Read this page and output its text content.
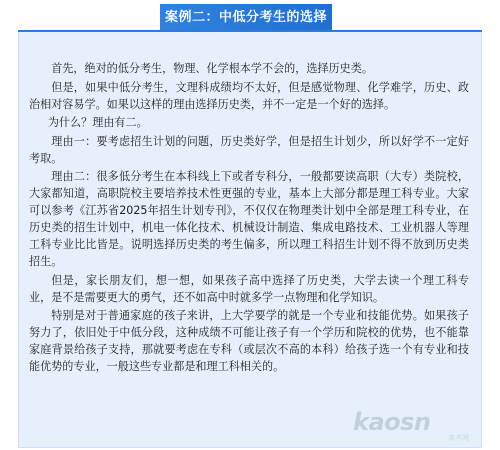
案例二：中低分考生的选择

首先，绝对的低分考生，物理、化学根本学不会的，选择历史类。

但是，如果中低分考生，文理科成绩均不太好，但是感觉物理、化学难学，历史、政治相对容易学。如果以这样的理由选择历史类，并不一定是一个好的选择。

为什么？理由有二。

理由一：要考虑招生计划的问题，历史类好学，但是招生计划少，所以好学不一定好考取。

理由二：很多低分考生在本科线上下或者专科分，一般都要读高职（大专）类院校，大家都知道，高职院校主要培养技术性更强的专业，基本上大部分都是理工科专业。大家可以参考《江苏省2025年招生计划专刊》，不仅仅在物理类计划中全部是理工科专业，在历史类的招生计划中，机电一体化技术、机械设计制造、集成电路技术、工业机器人等理工科专业比比皆是。说明选择历史类的考生偏多，所以理工科招生计划不得不放到历史类招生。

但是，家长朋友们，想一想，如果孩子高中选择了历史类，大学去读一个理工科专业，是不是需要更大的勇气，还不如高中时就多学一点物理和化学知识。

特别是对于普通家庭的孩子来讲，上大学要学的就是一个专业和技能优势。如果孩子努力了，依旧处于中低分段，这种成绩不可能让孩子有一个学历和院校的优势，也不能靠家庭背景给孩子支持，那就要考虑在专科（或层次不高的本科）给孩子选一个有专业和技能优势的专业，一般这些专业都是和理工科相关的。

kaosn
高考网
